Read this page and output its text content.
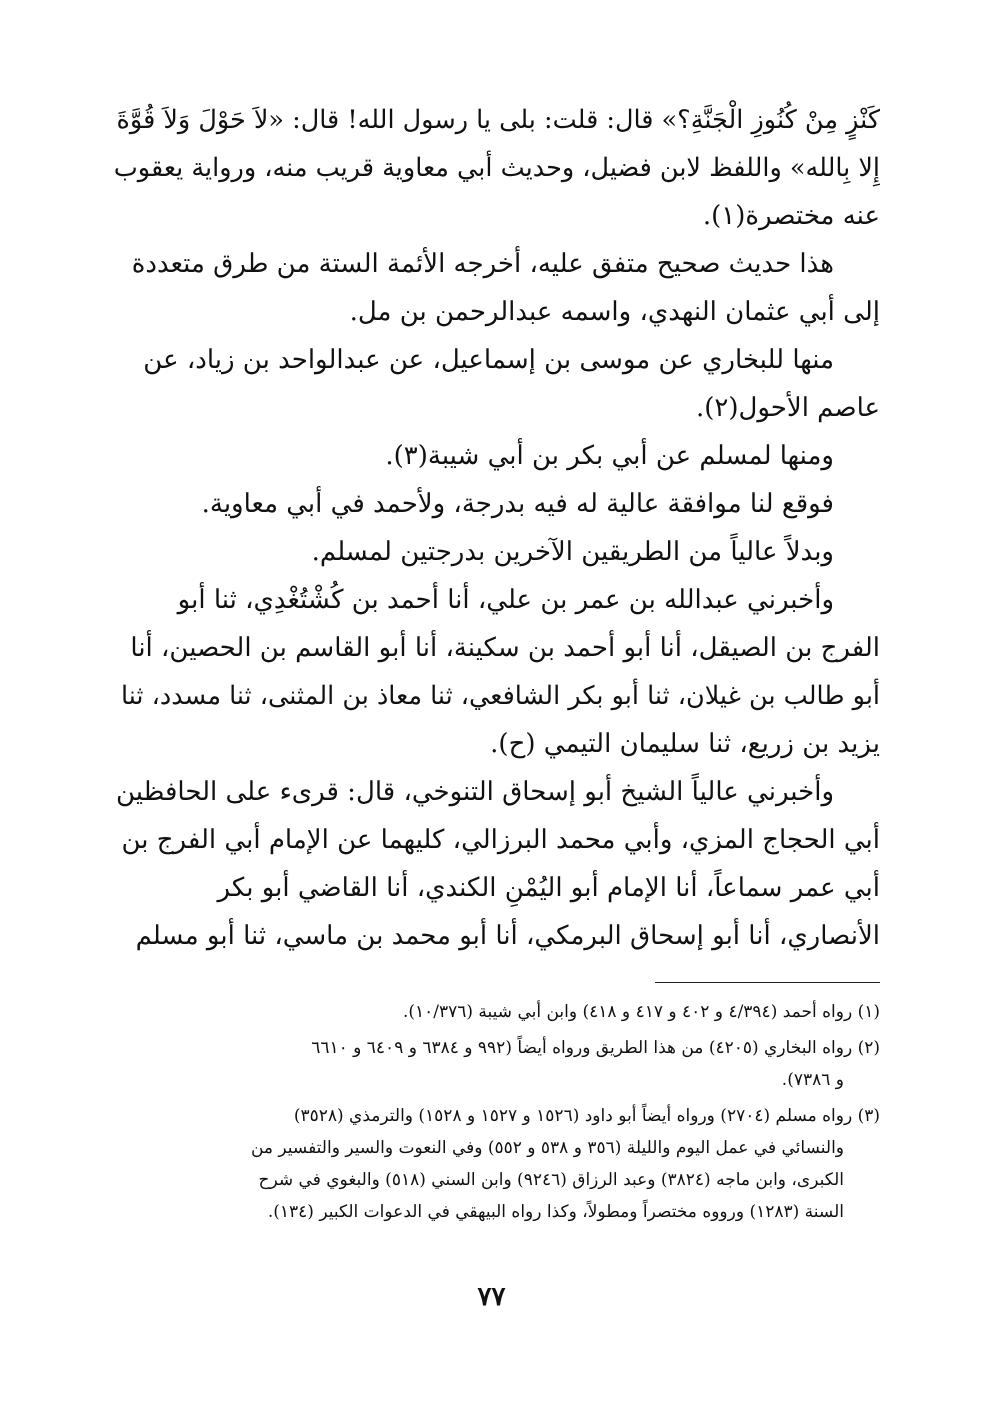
كَنْزٍ مِنْ كُنُوزِ الْجَنَّةِ؟» قال: قلت: بلى يا رسول الله! قال: «لاَ حَوْلَ وَلاَ قُوَّةَ
إِلا بِالله» واللفظ لابن فضيل، وحديث أبي معاوية قريب منه، ورواية يعقوب
عنه مختصرة(١).
هذا حديث صحيح متفق عليه، أخرجه الأئمة الستة من طرق متعددة
إلى أبي عثمان النهدي، واسمه عبدالرحمن بن مل.
منها للبخاري عن موسى بن إسماعيل، عن عبدالواحد بن زياد، عن
عاصم الأحول(٢).
ومنها لمسلم عن أبي بكر بن أبي شيبة(٣).
فوقع لنا موافقة عالية له فيه بدرجة، ولأحمد في أبي معاوية.
وبدلاً عالياً من الطريقين الآخرين بدرجتين لمسلم.
وأخبرني عبدالله بن عمر بن علي، أنا أحمد بن كُشْتُغْدِي، ثنا أبو
الفرج بن الصيقل، أنا أبو أحمد بن سكينة، أنا أبو القاسم بن الحصين، أنا
أبو طالب بن غيلان، ثنا أبو بكر الشافعي، ثنا معاذ بن المثنى، ثنا مسدد، ثنا
يزيد بن زريع، ثنا سليمان التيمي (ح).
وأخبرني عالياً الشيخ أبو إسحاق التنوخي، قال: قرىء على الحافظين
أبي الحجاج المزي، وأبي محمد البرزالي، كليهما عن الإمام أبي الفرج بن
أبي عمر سماعاً، أنا الإمام أبو اليُمْنِ الكندي، أنا القاضي أبو بكر
الأنصاري، أنا أبو إسحاق البرمكي، أنا أبو محمد بن ماسي، ثنا أبو مسلم
(١) رواه أحمد (٤/٣٩٤ و ٤٠٢ و ٤١٧ و ٤١٨) وابن أبي شيبة (١٠/٣٧٦).
(٢) رواه البخاري (٤٢٠٥) من هذا الطريق ورواه أيضاً (٩٩٢ و ٦٣٨٤ و ٦٤٠٩ و ٦٦١٠
و ٧٣٨٦).
(٣) رواه مسلم (٢٧٠٤) ورواه أيضاً أبو داود (١٥٢٦ و ١٥٢٧ و ١٥٢٨) والترمذي (٣٥٢٨)
والنسائي في عمل اليوم والليلة (٣٥٦ و ٥٣٨ و ٥٥٢) وفي النعوت والسير والتفسير من
الكبرى، وابن ماجه (٣٨٢٤) وعبد الرزاق (٩٢٤٦) وابن السني (٥١٨) والبغوي في شرح
السنة (١٢٨٣) ورووه مختصراً ومطولاً، وكذا رواه البيهقي في الدعوات الكبير (١٣٤).
٧٧
